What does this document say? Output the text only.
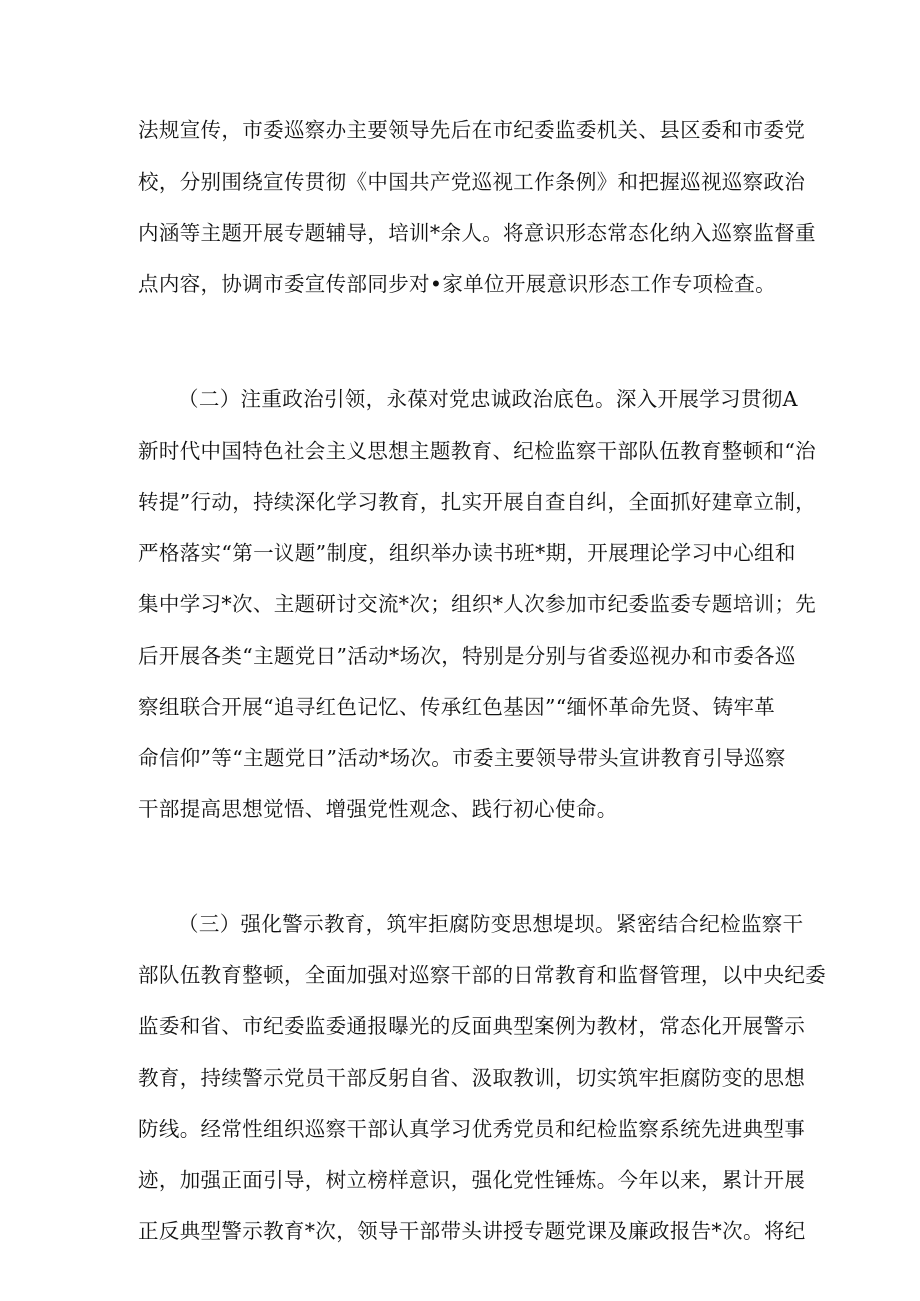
法规宣传，市委巡察办主要领导先后在市纪委监委机关、县区委和市委党
校，分别围绕宣传贯彻《中国共产党巡视工作条例》和把握巡视巡察政治
内涵等主题开展专题辅导，培训*余人。将意识形态常态化纳入巡察监督重
点内容，协调市委宣传部同步对•家单位开展意识形态工作专项检查。
（二）注重政治引领，永葆对党忠诚政治底色。深入开展学习贯彻A
新时代中国特色社会主义思想主题教育、纪检监察干部队伍教育整顿和“治
转提”行动，持续深化学习教育，扎实开展自查自纠，全面抓好建章立制，
严格落实“第一议题”制度，组织举办读书班*期，开展理论学习中心组和
集中学习*次、主题研讨交流*次；组织*人次参加市纪委监委专题培训；先
后开展各类“主题党日”活动*场次，特别是分别与省委巡视办和市委各巡
察组联合开展“追寻红色记忆、传承红色基因”“缅怀革命先贤、铸牢革
命信仰”等“主题党日”活动*场次。市委主要领导带头宣讲教育引导巡察
干部提高思想觉悟、增强党性观念、践行初心使命。
（三）强化警示教育，筑牢拒腐防变思想堤坝。紧密结合纪检监察干
部队伍教育整顿，全面加强对巡察干部的日常教育和监督管理，以中央纪委
监委和省、市纪委监委通报曝光的反面典型案例为教材，常态化开展警示
教育，持续警示党员干部反躬自省、汲取教训，切实筑牢拒腐防变的思想
防线。经常性组织巡察干部认真学习优秀党员和纪检监察系统先进典型事
迹，加强正面引导，树立榜样意识，强化党性锤炼。今年以来，累计开展
正反典型警示教育*次，领导干部带头讲授专题党课及廉政报告*次。将纪
